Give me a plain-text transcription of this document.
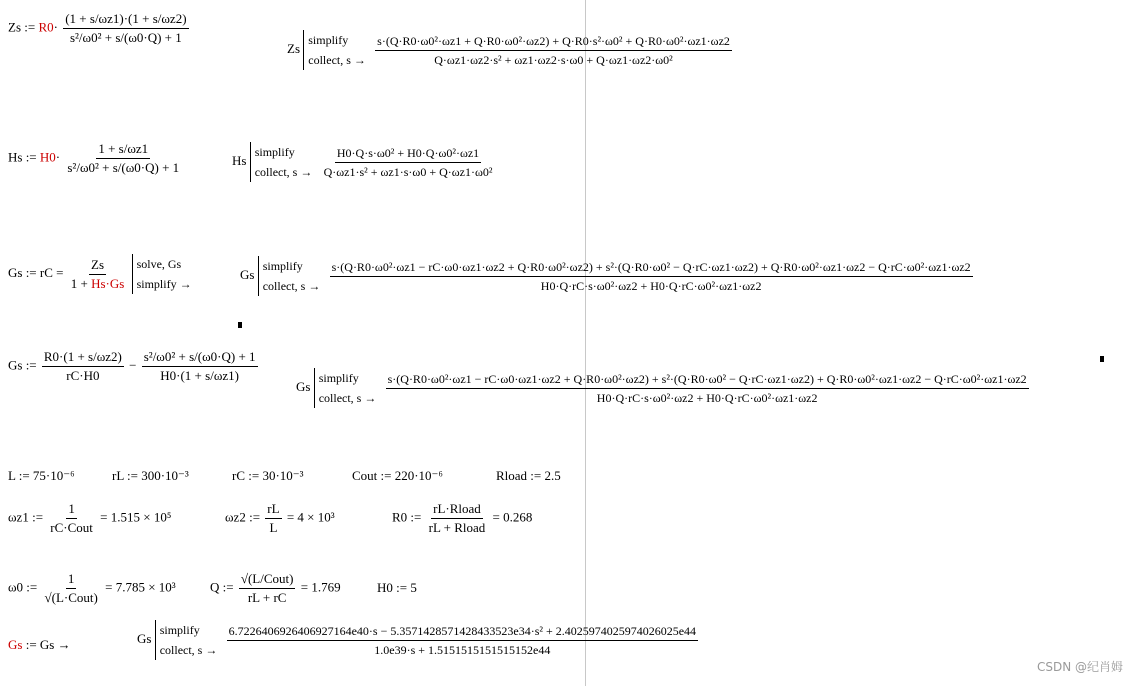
Zs := $R0\cdot \frac{(1 + s/\omega z1)\cdot(1 + s/\omega z2)}{\text{s²/ω0² + s/(ω0·Q) + 1}}$
Zs
simplify
collect, s →

s·(Q·R0·ω0²·ωz1 + Q·R0·ω0²·ωz2) + Q·R0·s²·ω0² + Q·R0·ω0²·ωz1·ωz2
Q·ωz1·ωz2·s² + ωz1·ωz2·s·ω0 + Q·ωz1·ωz2·ω0²
Hs := $H0\cdot \frac{1 + s/\omega z1}{\text{s²/ω0² + s/(ω0·Q) + 1}}$	Hs
simplify
collect, s →
$\frac{\text{H0·Q·s·ω0² + H0·Q·ω0²·ωz1}}{\text{Q·ωz1·s² + ωz1·s·ω0 + Q·ωz1·ω0²}}$
Gs := rC = $\frac{Zs}{1 + Hs\cdot Gs}$
solve, Gs
simplify →
Gs
simplify
collect, s →

s·(Q·R0·ω0²·ωz1 − rC·ω0·ωz1·ωz2 + Q·R0·ω0²·ωz2) + s²·(Q·R0·ω0² − Q·rC·ωz1·ωz2) + Q·R0·ω0²·ωz1·ωz2 − Q·rC·ω0²·ωz1·ωz2
H0·Q·rC·s·ω0²·ωz2 + H0·Q·rC·ω0²·ωz1·ωz2
Gs := $\frac{R0\cdot(1 + s/\omega z2)}{rC\cdot H0} - \frac{\text{s²/ω0² + s/(ω0·Q) + 1}}{H0\cdot(1 + s/\omega z1)}$
Gs
simplify
collect, s →

s·(Q·R0·ω0²·ωz1 − rC·ω0·ωz1·ωz2 + Q·R0·ω0²·ωz2) + s²·(Q·R0·ω0² − Q·rC·ωz1·ωz2) + Q·R0·ω0²·ωz1·ωz2 − Q·rC·ω0²·ωz1·ωz2
H0·Q·rC·s·ω0²·ωz2 + H0·Q·rC·ω0²·ωz1·ωz2
L := 75·10⁻⁶	rL := 300·10⁻³	rC := 30·10⁻³	Cout := 220·10⁻⁶	Rload := 2.5
ωz1 := $\frac{1}{\text{rC·Cout}} = 1.515 \times 10^5$	ωz2 := $\frac{rL}{L} = 4 \times 10^3$	R0 := $\frac{\text{rL·Rload}}{\text{rL + Rload}} = 0.268$
ω0 := $\frac{1}{\text{√(L·Cout)}} = 7.785 \times 10^3$	Q := $\frac{\text{√(L/Cout)}}{rL + rC} = 1.769$	H0 := 5
Gs := Gs →	Gs
simplify
collect, s →

6.722640692640692​7164e40·s − 5.3571428571428433523e34·s² + 2.4025974025974026025e44
1.0e39·s + 1.5151515151515152e44
CSDN @纪肖姆
